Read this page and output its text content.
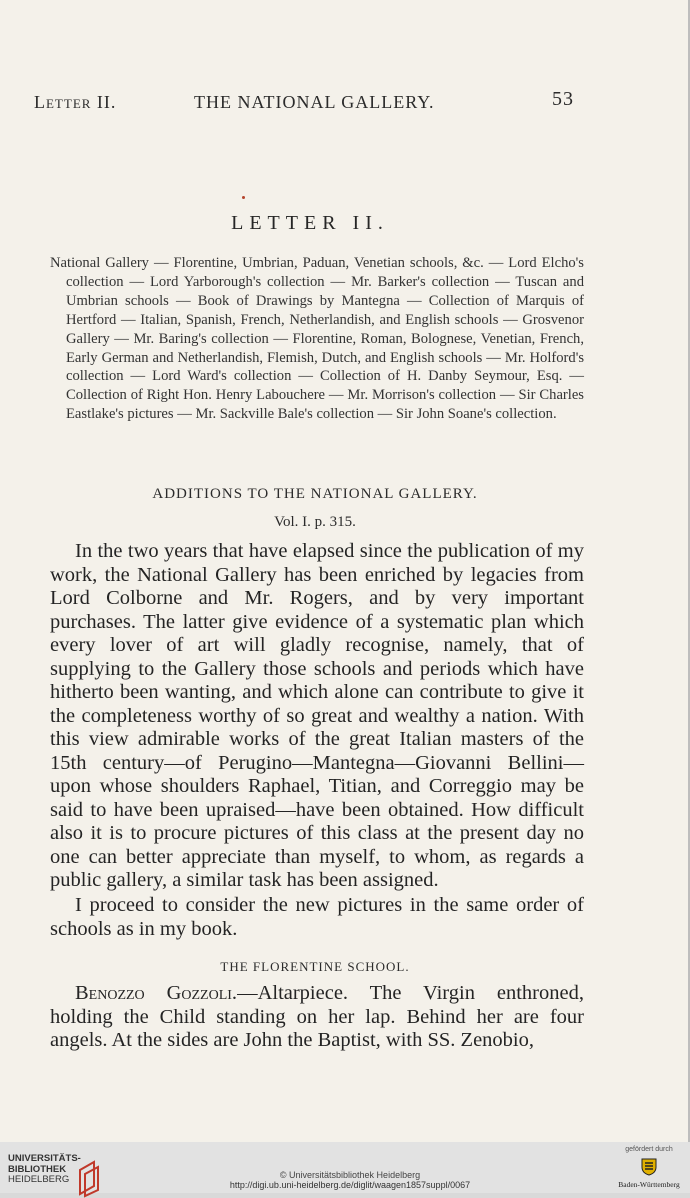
Letter II.	THE NATIONAL GALLERY.	53
LETTER II.
National Gallery — Florentine, Umbrian, Paduan, Venetian schools, &c. — Lord Elcho's collection — Lord Yarborough's collection — Mr. Barker's collection — Tuscan and Umbrian schools — Book of Drawings by Mantegna — Collection of Marquis of Hertford — Italian, Spanish, French, Netherlandish, and English schools — Grosvenor Gallery — Mr. Baring's collection — Florentine, Roman, Bolognese, Venetian, French, Early German and Netherlandish, Flemish, Dutch, and English schools — Mr. Holford's collection — Lord Ward's collection — Collection of H. Danby Seymour, Esq. — Collection of Right Hon. Henry Labouchere — Mr. Morrison's collection — Sir Charles Eastlake's pictures — Mr. Sackville Bale's collection — Sir John Soane's collection.
ADDITIONS TO THE NATIONAL GALLERY.
Vol. I. p. 315.
In the two years that have elapsed since the publication of my work, the National Gallery has been enriched by legacies from Lord Colborne and Mr. Rogers, and by very important purchases. The latter give evidence of a systematic plan which every lover of art will gladly recognise, namely, that of supplying to the Gallery those schools and periods which have hitherto been wanting, and which alone can contribute to give it the completeness worthy of so great and wealthy a nation. With this view admirable works of the great Italian masters of the 15th century—of Perugino—Mantegna—Giovanni Bellini—upon whose shoulders Raphael, Titian, and Correggio may be said to have been upraised—have been obtained. How difficult also it is to procure pictures of this class at the present day no one can better appreciate than myself, to whom, as regards a public gallery, a similar task has been assigned.
I proceed to consider the new pictures in the same order of schools as in my book.
THE FLORENTINE SCHOOL.
Benozzo Gozzoli.—Altarpiece. The Virgin enthroned, holding the Child standing on her lap. Behind her are four angels. At the sides are John the Baptist, with SS. Zenobio,
UNIVERSITÄTS-
BIBLIOTHEK
HEIDELBERG	© Universitätsbibliothek Heidelberg
http://digi.ub.uni-heidelberg.de/diglit/waagen1857suppl/0067
gefördert durch
Baden-Württemberg
